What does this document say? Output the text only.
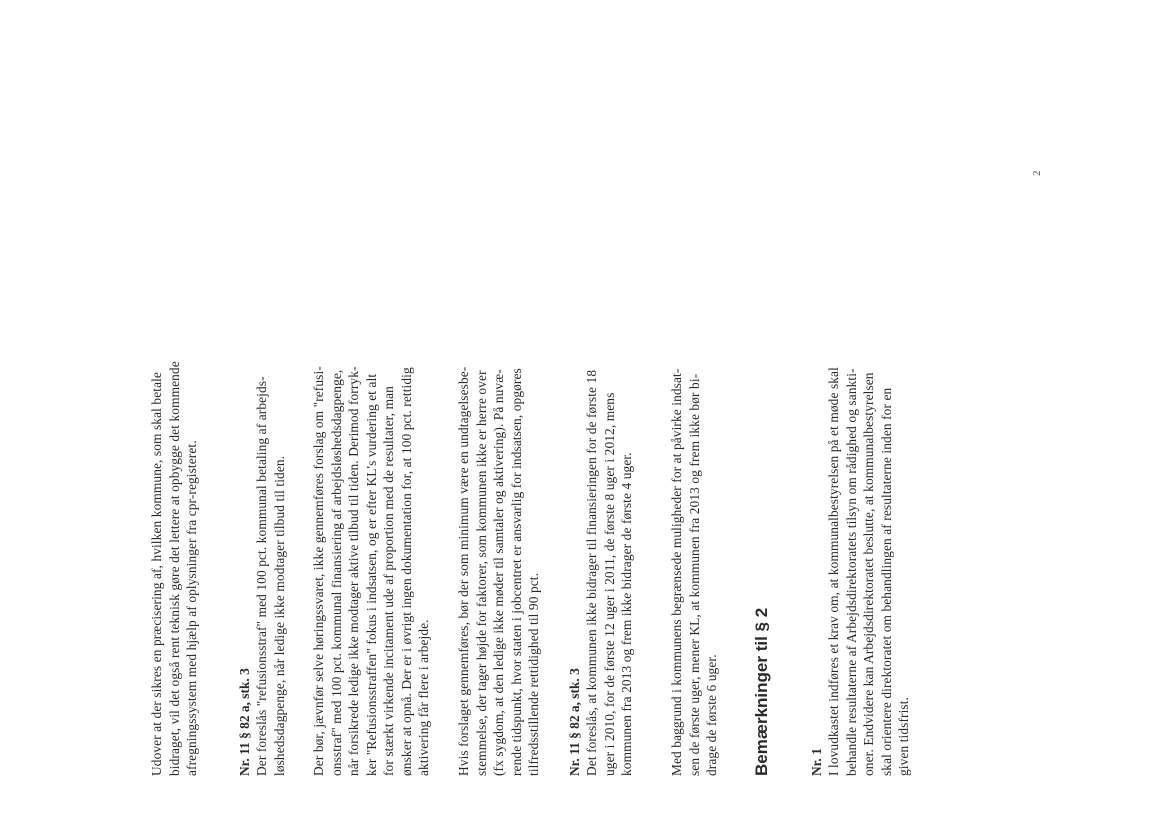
Udover at der sikres en præcisering af, hvilken kommune, som skal betale bidraget, vil det også rent teknisk gøre det lettere at opbygge det kommende afregningssystem med hjælp af oplysninger fra cpr-registeret.	Nr. 11 § 82 a, stk. 3 Der foreslås "refusionsstraf" med 100 pct. kommunal betaling af arbejds- løshedsdagpenge, når ledige ikke modtager tilbud til tiden. Der bør, jævnfør selve høringssvaret, ikke gennemføres forslag om "refusi- onsstraf" med 100 pct. kommunal finansiering af arbejdsløshedsdagpenge, når forsikrede ledige ikke modtager aktive tilbud til tiden. Derimod forryk- ker "Refusionsstraffen" fokus i indsatsen, og er efter KL's vurdering et alt for stærkt virkende incitament ude af proportion med de resultater, man ønsker at opnå. Der er i øvrigt ingen dokumentation for, at 100 pct. rettidig aktivering får flere i arbejde. Hvis forslaget gennemføres, bør der som minimum være en undtagelsesbe- stemmelse, der tager højde for faktorer, som kommunen ikke er herre over (fx sygdom, at den ledige ikke møder til samtaler og aktivering). På nuvæ- rende tidspunkt, hvor staten i jobcentret er ansvarlig for indsatsen, opgøres tilfredsstillende rettidighed til 90 pct. Nr. 11 § 82 a, stk. 3 Det foreslås, at kommunen ikke bidrager til finansieringen for de første 18 uger i 2010, for de første 12 uger i 2011, de første 8 uger i 2012, mens kommunen fra 2013 og frem ikke bidrager de første 4 uger.	Med baggrund i kommunens begrænsede muligheder for at påvirke indsat- sen de første uger, mener KL, at kommunen fra 2013 og frem ikke bør bi- drage de første 6 uger. Bemærkninger til § 2	Nr. 1 I lovudkastet indføres et krav om, at kommunalbestyrelsen på et møde skal behandle resultaterne af Arbejdsdirektoratets tilsyn om rådighed og sankti- oner. Endvidere kan Arbejdsdirektoratet beslutte, at kommunalbestyrelsen skal orientere direktoratet om behandlingen af resultaterne inden for en given tidsfrist.

2
